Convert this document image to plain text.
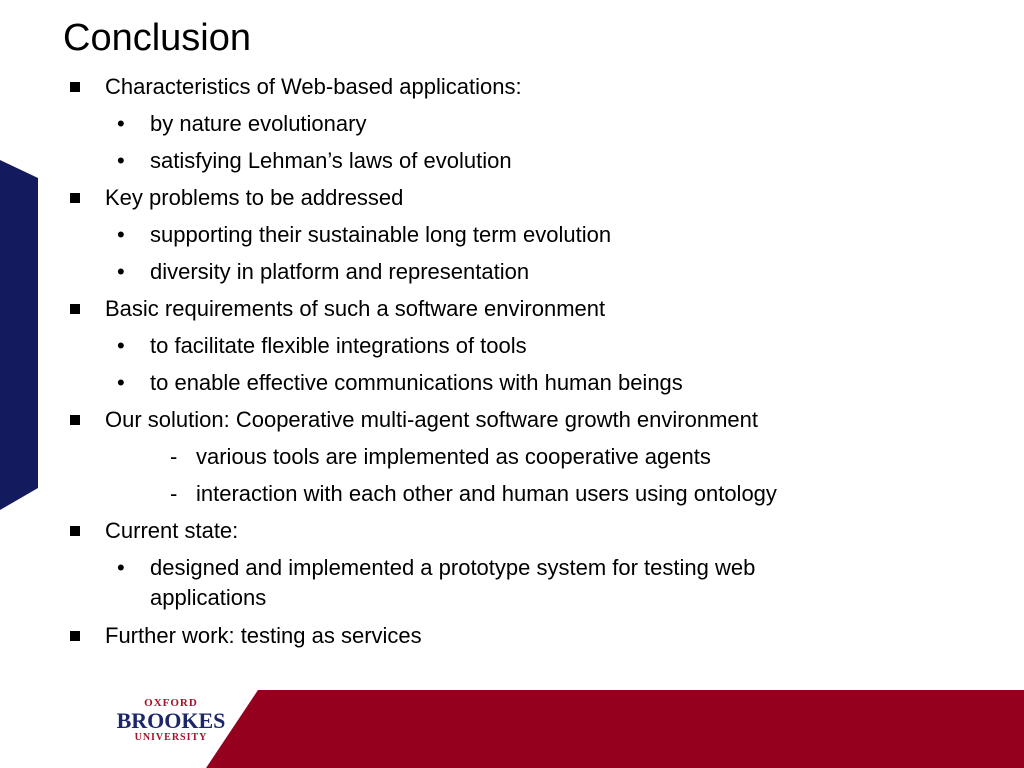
Conclusion
Characteristics of Web-based applications:
• by nature evolutionary
• satisfying Lehman’s laws of evolution
Key problems to be addressed
• supporting their sustainable long term evolution
• diversity in platform and representation
Basic requirements of such a software environment
• to facilitate flexible integrations of tools
• to enable effective communications with human beings
Our solution: Cooperative multi-agent software growth environment
- various tools are implemented as cooperative agents
- interaction with each other and human users using ontology
Current state:
• designed and implemented a prototype system for testing web applications
Further work: testing as services
OXFORD
BROOKES
UNIVERSITY
